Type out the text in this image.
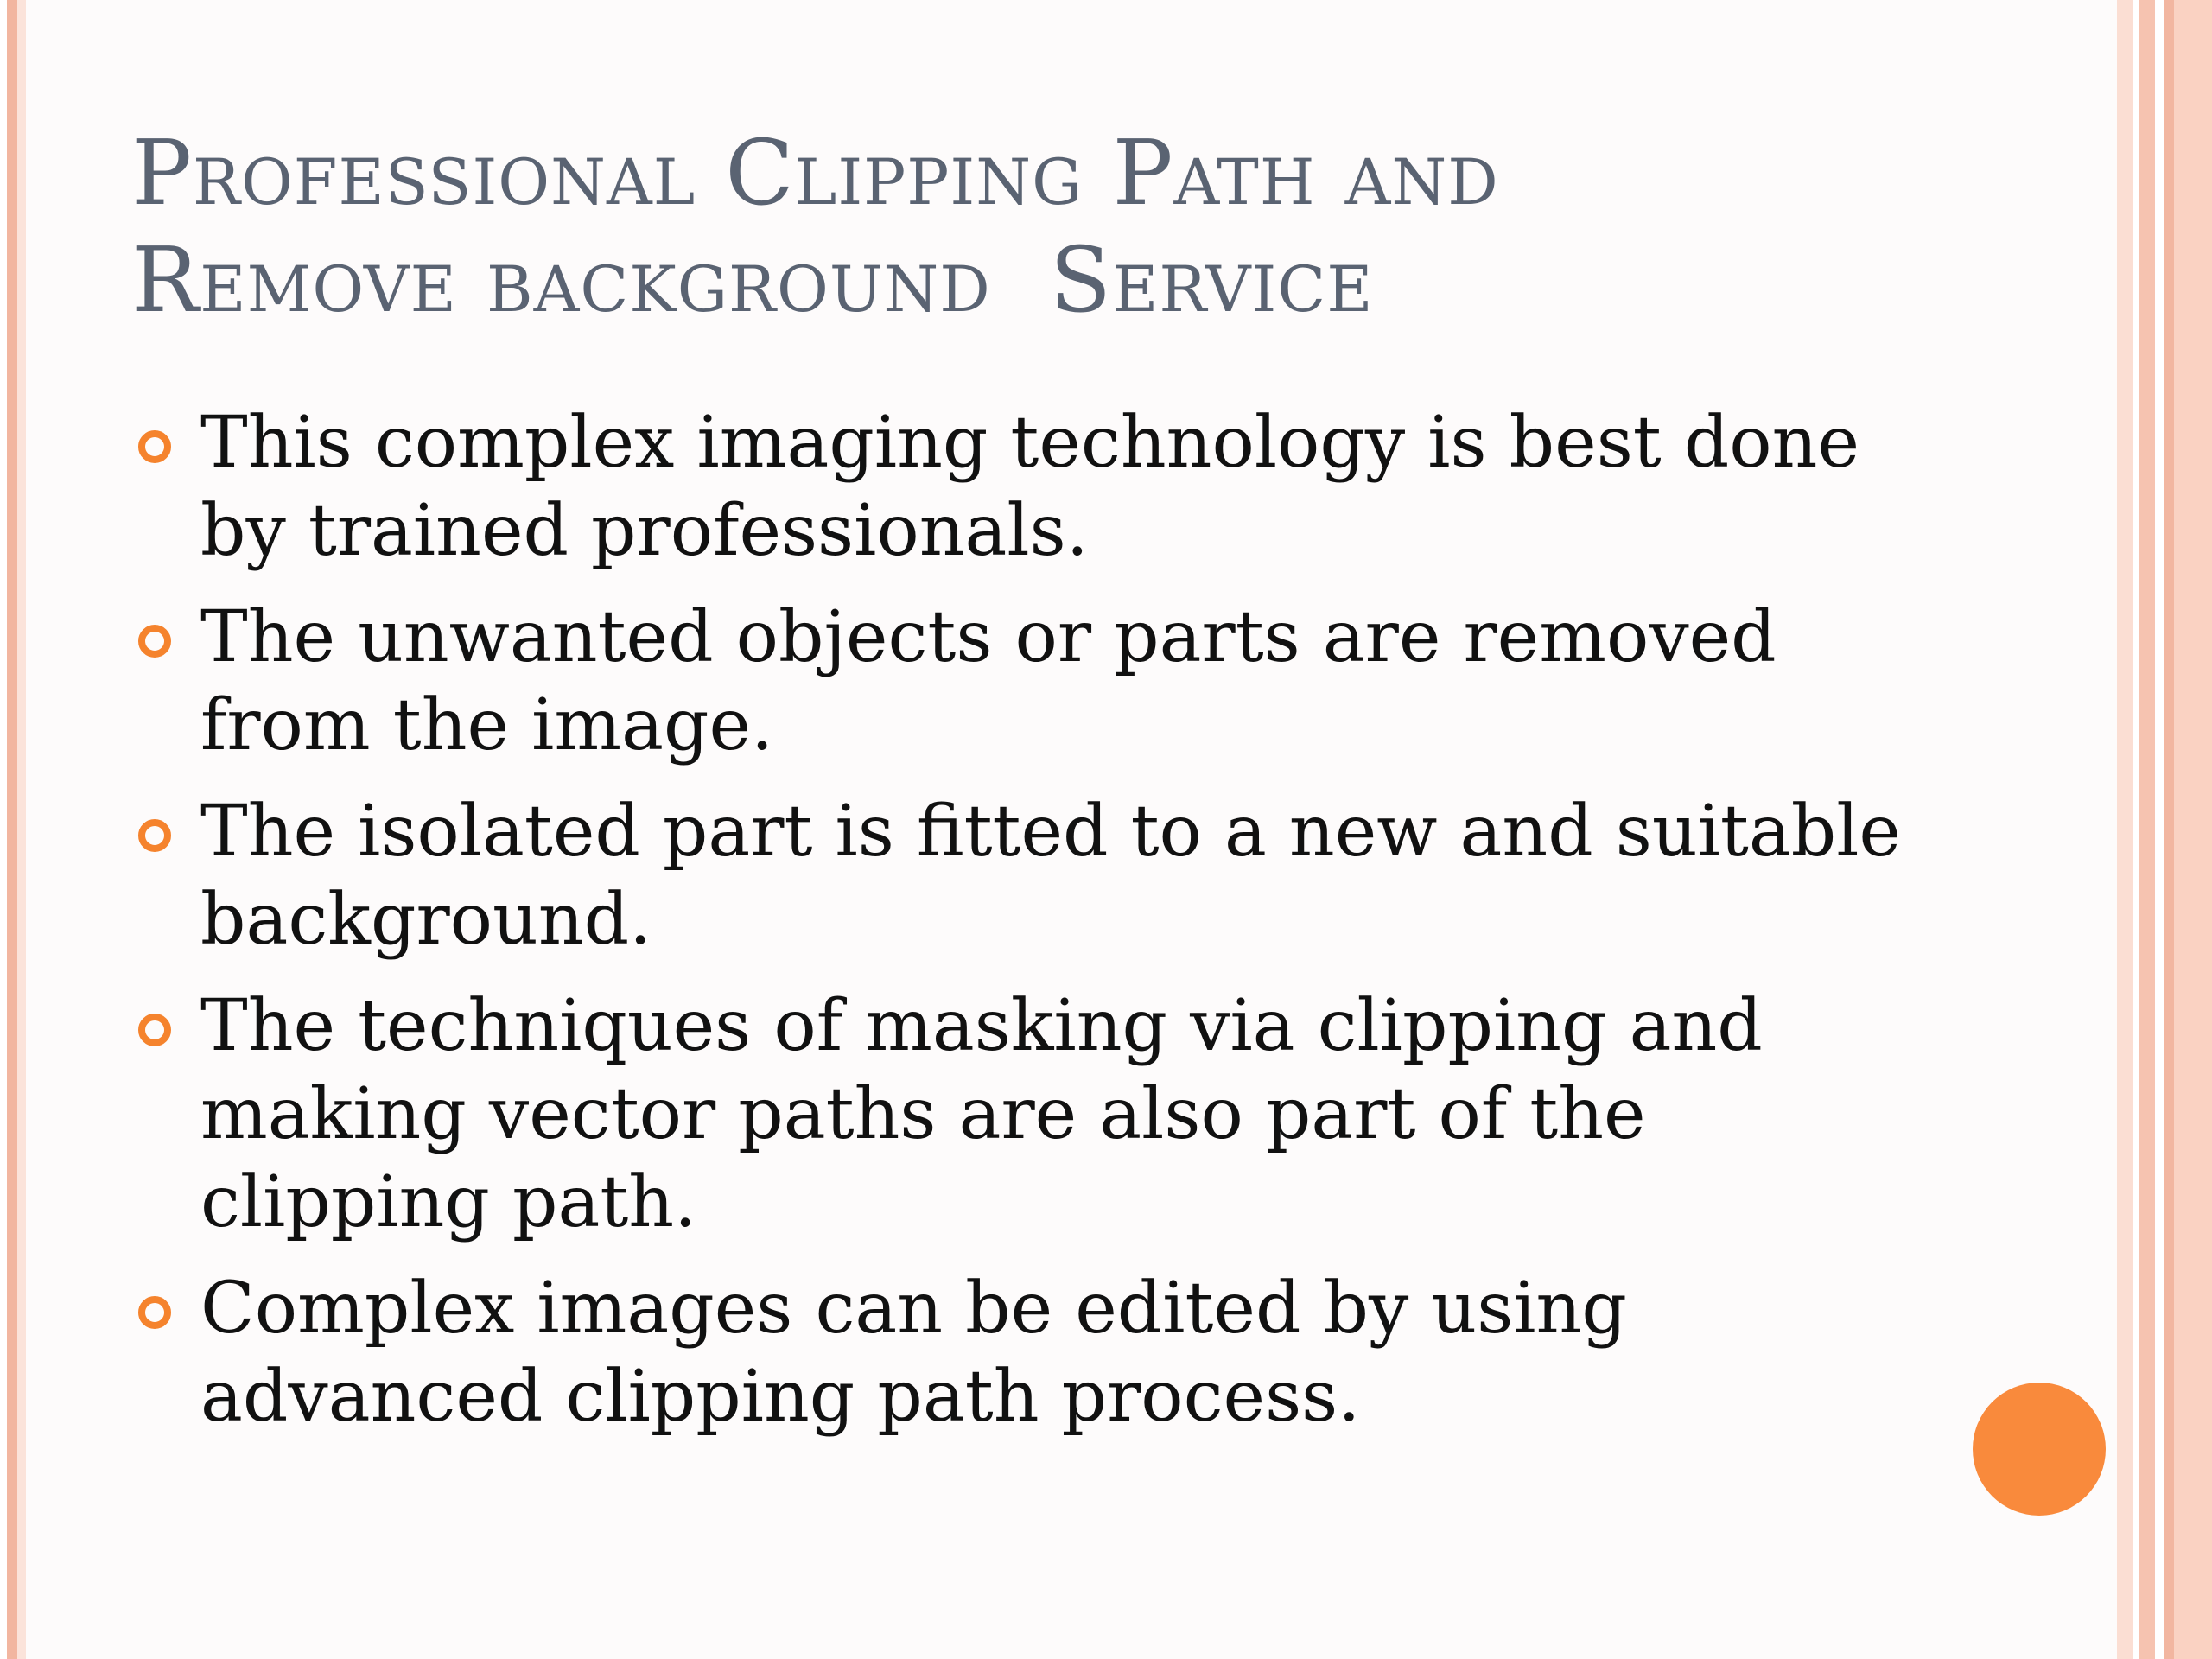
Professional Clipping Path and
Remove background  Service
This complex imaging technology is best done by trained professionals.
The unwanted objects or parts are removed from the image.
The isolated part is fitted to a new and suitable background.
The techniques of masking via clipping and making vector paths are also part of the clipping path.
Complex images can be edited by using advanced clipping path process.
